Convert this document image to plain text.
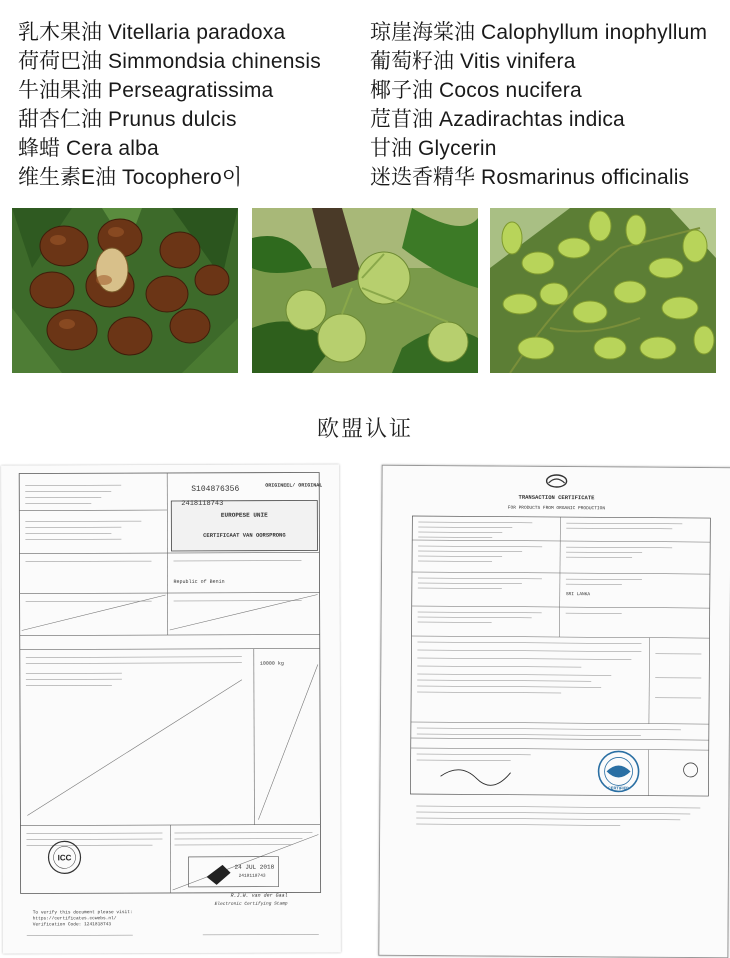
乳木果油 Vitellaria paradoxa
荷荷巴油 Simmondsia chinensis
牛油果油 Perseagratissima
甜杏仁油 Prunus dulcis
蜂蜡 Cera alba
维生素E油 Tocophero이
琼崖海棠油 Calophyllum inophyllum
葡萄籽油 Vitis vinifera
椰子油 Cocos nucifera
苊苜油 Azadirachtas indica
甘油 Glycerin
迷迭香精华 Rosmarinus officinalis
欧盟认证
ICC
S104876356
2418118743
ORIGINEEL/ ORIGINAL
EUROPESE UNIE
CERTIFICAAT VAN OORSPRONG
Republic of Benin
10000 kg
24 JUL 2018
2418118743
R.J.W. van der Gaal
Electronic Certifying Stamp
To verify this document please visit:
https://certificates.ccwebs.nl/
Verification Code: 1241818743
TRANSACTION CERTIFICATE
FOR PRODUCTS FROM ORGANIC PRODUCTION
SRI LANKA
CERTIFIED
